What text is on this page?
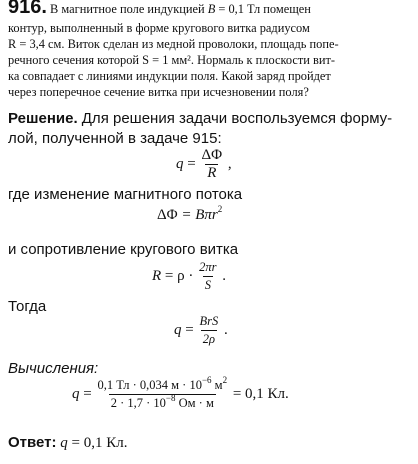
916. В магнитное поле индукцией B = 0,1 Тл помещен
контур, выполненный в форме кругового витка радиусом
R = 3,4 см. Виток сделан из медной проволоки, площадь попе-
речного сечения которой S = 1 мм². Нормаль к плоскости вит-
ка совпадает с линиями индукции поля. Какой заряд пройдет
через поперечное сечение витка при исчезновении поля?
Решение. Для решения задачи воспользуемся форму-
лой, полученной в задаче 915:
$q = \frac{\Delta\Phi}{R}$ ,
где изменение магнитного потока
ΔΦ = Bπr$^2$
и сопротивление кругового витка
$R = \rho \cdot \frac{2\pi r}{S}$ .
Тогда
$q = \frac{\text{BrS}}{2\rho}$ .
Вычисления:
$q = \frac{0,1 Тл \cdot 0,034 м \cdot 10^{-6} м^2}{2 \cdot 1,7 \cdot 10^{-8} Ом \cdot м} = 0,1$ Кл.
Ответ: q = 0,1 Кл.
